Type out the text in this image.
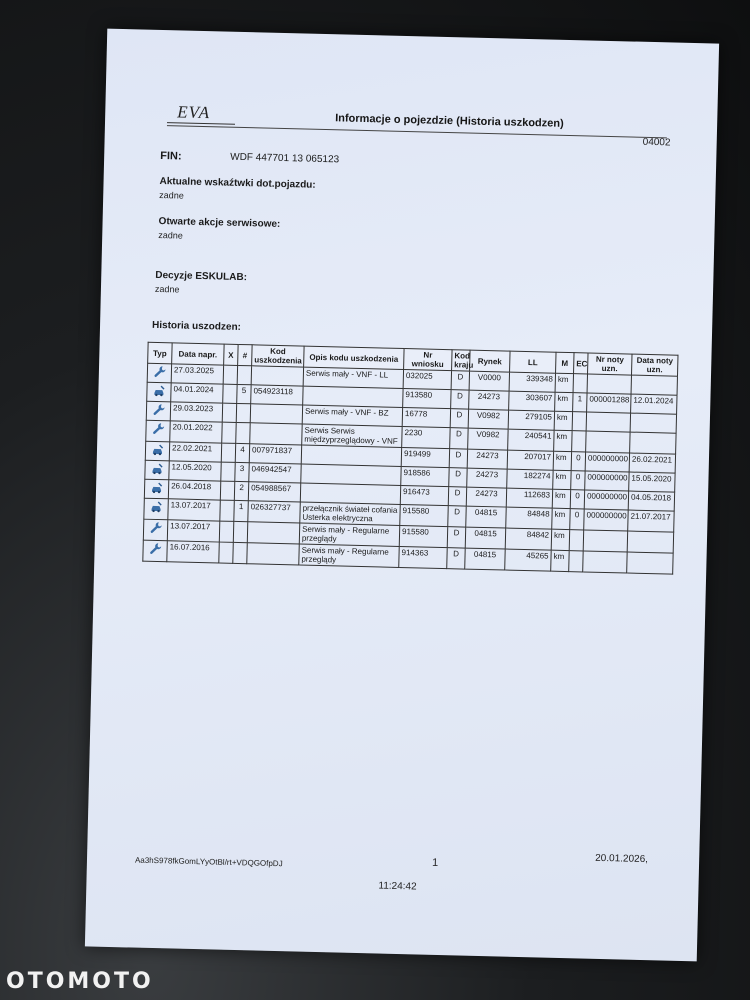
EVA	Informacje o pojezdzie (Historia uszkodzen)
04002
FIN:	WDF 447701 13 065123
Aktualne wskaźtwki dot.pojazdu:
zadne
Otwarte akcje serwisowe:
zadne
Decyzje ESKULAB:
zadne
Historia uszodzen:
Typ	Data napr.	X	#	Kod uszkodzenia	Opis kodu uszkodzenia	Nr wniosku	Kod kraju	Rynek	LL	M	EC	Nr noty uzn.	Data noty uzn.
	27.03.2025				Serwis mały - VNF - LL	032025	D	V0000	339348	km			
	04.01.2024		5	054923118		913580	D	24273	303607	km	1	000001288	12.01.2024
	29.03.2023				Serwis mały - VNF - BZ	16778	D	V0982	279105	km			
	20.01.2022				Serwis Serwis międzyprzeglądowy - VNF	2230	D	V0982	240541	km			
	22.02.2021		4	007971837		919499	D	24273	207017	km	0	000000000	26.02.2021
	12.05.2020		3	046942547		918586	D	24273	182274	km	0	000000000	15.05.2020
	26.04.2018		2	054988567		916473	D	24273	112683	km	0	000000000	04.05.2018
	13.07.2017		1	026327737	przełącznik świateł cofania Usterka elektryczna	915580	D	04815	84848	km	0	000000000	21.07.2017
	13.07.2017				Serwis mały - Regularne przeglądy	915580	D	04815	84842	km			
	16.07.2016				Serwis mały - Regularne przeglądy	914363	D	04815	45265	km			
Aa3hS978fkGomLYyOtBl/rt+VDQGOfpDJ	1	20.01.2026,
11:24:42
OTOMOTO
